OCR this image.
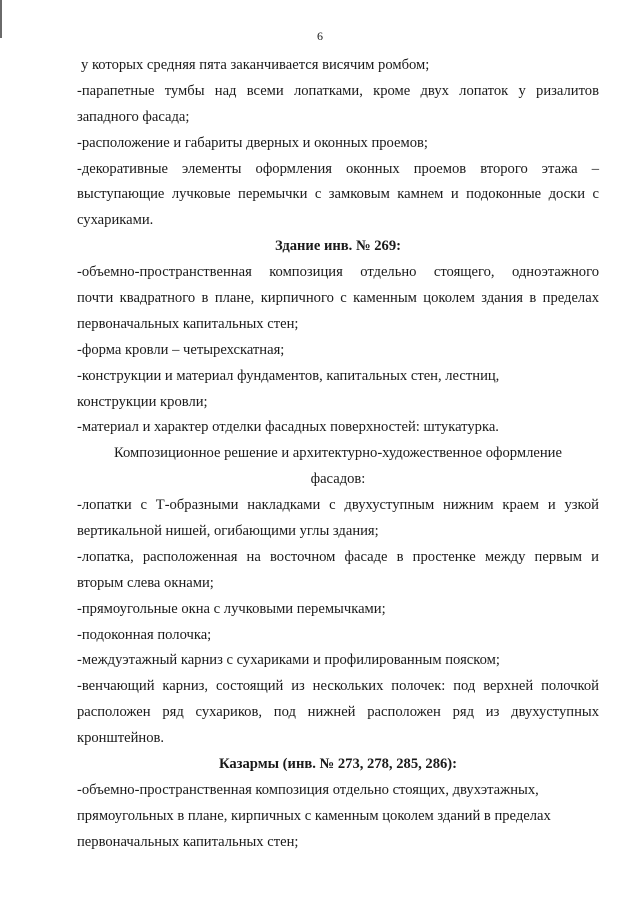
6
у которых средняя пята заканчивается висячим ромбом;
-парапетные тумбы над всеми лопатками, кроме двух лопаток у ризалитов
западного фасада;
-расположение и габариты дверных и оконных проемов;
-декоративные элементы оформления оконных проемов второго этажа –
выступающие лучковые перемычки с замковым камнем и подоконные доски с
сухариками.
Здание инв. № 269:
-объемно-пространственная композиция отдельно стоящего, одноэтажного
почти квадратного в плане, кирпичного с каменным цоколем здания в пределах
первоначальных капитальных стен;
-форма кровли – четырехскатная;
-конструкции и материал фундаментов, капитальных стен, лестниц,
конструкции кровли;
-материал и характер отделки фасадных поверхностей: штукатурка.
Композиционное решение и архитектурно-художественное оформление
фасадов:
-лопатки с Т-образными накладками с двухуступным нижним краем и узкой
вертикальной нишей, огибающими углы здания;
-лопатка, расположенная на восточном фасаде в простенке между первым и
вторым слева окнами;
-прямоугольные окна с лучковыми перемычками;
-подоконная полочка;
-междуэтажный карниз с сухариками и профилированным пояском;
-венчающий карниз, состоящий из нескольких полочек: под верхней полочкой
расположен ряд сухариков, под нижней расположен ряд из двухуступных
кронштейнов.
Казармы (инв. № 273, 278, 285, 286):
-объемно-пространственная композиция отдельно стоящих, двухэтажных,
прямоугольных в плане, кирпичных с каменным цоколем зданий в пределах
первоначальных капитальных стен;
